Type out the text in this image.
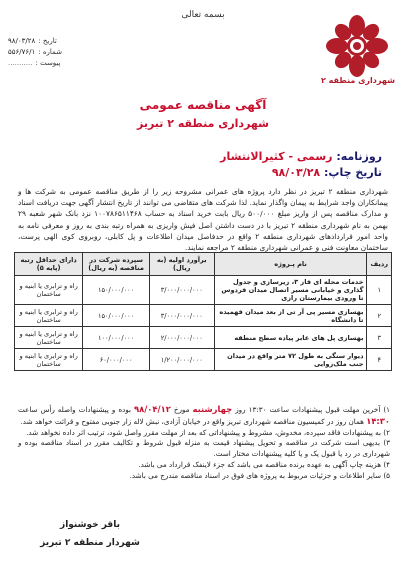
بسمه تعالی
تاریخ :
۹۸/۰۳/۲۸
شماره :
۵۵۶/۷۶/۱
پیوست :
...........
شهرداری منطقه ۲
آگهی مناقصه عمومی
شهرداری منطقه ۲ تبریز
روزنامه: رسمی - کثیرالانتشار
تاریخ چاپ: ۹۸/۰۳/۲۸
شهرداری منطقه ۲ تبریز در نظر دارد پروژه های عمرانی مشروحه زیر را از طریق مناقصه عمومی به شرکت ها و پیمانکاران واجد شرایط به پیمان واگذار نماید. لذا شرکت های متقاضی می توانند از تاریخ انتشار آگهی جهت دریافت اسناد و مدارک مناقصه پس از واریز مبلغ ۵۰۰/۰۰۰ ریال بابت خرید اسناد به حساب ۱۰۰۷۸۶۵۱۱۴۶۸ نزد بانک شهر شعبه ۲۹ بهمن به نام شهرداری منطقه ۲ تبریز با در دست داشتن اصل فیش واریزی به همراه رتبه بندی به روز و معرفی نامه به واحد امور قراردادهای شهرداری منطقه ۲ واقع در حدفاصل میدان اطلاعات و پل کابلی، روبروی کوی الهی پرست، ساختمان معاونت فنی و عمرانی شهرداری منطقه ۲ مراجعه نمایند.
ردیف	نام پـروژه	برآورد اولیه (به ریال)	سپرده شرکت در مناقصه (به ریال)	دارای حداقل رتبه (پایه ۵)
۱	خدمات محله ای فاز ۳، زیرسازی و جدول گذاری و خیابانی مسیر اتصال میدان فردوس تا ورودی بیمارستان رازی	۳/۰۰۰/۰۰۰/۰۰۰	۱۵۰/۰۰۰/۰۰۰	راه و ترابری یا ابنیه و ساختمان
۲	بهسازی مسیر پی آر تی از بعد میدان فهمیده تا دانشگاه	۳/۰۰۰/۰۰۰/۰۰۰	۱۵۰/۰۰۰/۰۰۰	راه و ترابری یا ابنیه و ساختمان
۳	بهسازی پل های عابر پیاده سطح منطقه	۲/۰۰۰/۰۰۰/۰۰۰	۱۰۰/۰۰۰/۰۰۰	راه و ترابری یا ابنیه و ساختمان
۴	دیوار سنگی به طول ۷۲ متر واقع در میدان جنب ملک‌زوایی	۱/۲۰۰/۰۰۰/۰۰۰	۶۰/۰۰۰/۰۰۰	راه و ترابری یا ابنیه و ساختمان

۱) آخرین مهلت قبول پیشنهادات ساعت ۱۳:۳۰ روز چهارشنبه مورخ ۹۸/۰۴/۱۲ بوده و پیشنهادات واصله رأس ساعت ۱۴:۳۰ همان روز در کمیسیون مناقصه شهرداری تبریز واقع در خیابان آزادی، نبش لاله زار جنوبی مفتوح و قرائت خواهد شد.

۲) به پیشنهادات فاقد سپرده، مخدوش، مشروط و پیشنهاداتی که بعد از مهلت مقرر واصل شود، ترتیب اثر داده نخواهد شد.

۳) بدیهی است شرکت در مناقصه و تحویل پیشنهاد قیمت به منزله قبول شروط و تکالیف مقرر در اسناد مناقصه بوده و شهرداری در رد یا قبول یک و یا کلیه پیشنهادات مختار است.

۴) هزینه چاپ آگهی به عهده برنده مناقصه می باشد که جزء لاینفک قرارداد می باشد.

۵) سایر اطلاعات و جزئیات مربوط به پروژه های فوق در اسناد مناقصه مندرج می باشد.

باقر خوشنواز
شهردار منطقه ۲ تبریز
